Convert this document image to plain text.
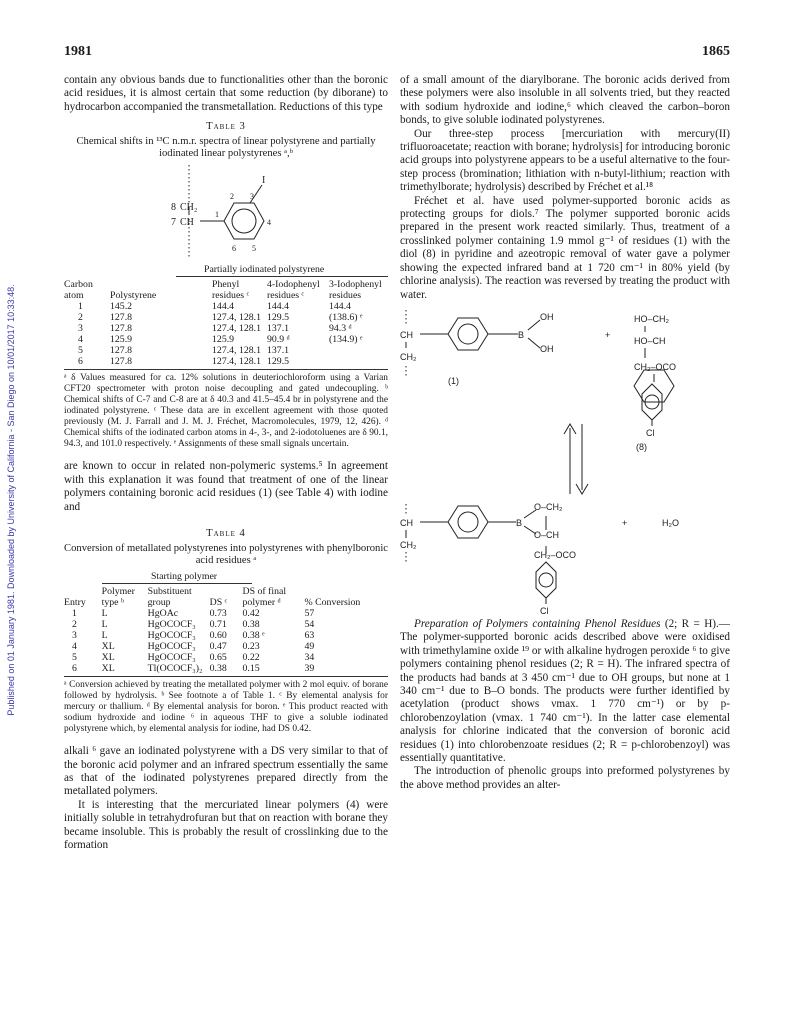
Published on 01 January 1981. Downloaded by University of California - San Diego on 10/01/2017 10:33:48.
1981	1865

contain any obvious bands due to functionalities other than the boronic acid residues, it is almost certain that some reduction (by diborane) to hydrocarbon accompanied the transmetallation. Reductions of this type

Table 3
Chemical shifts in ¹³C n.m.r. spectra of linear polystyrene and partially iodinated linear polystyrenes ᵃ,ᵇ
8 CH₂
7 CH
1
2 3
4
5
6
I
Partially iodinated polystyrene
Carbon atom	Polystyrene	Phenyl residues ᶜ	4-Iodophenyl residues ᶜ	3-Iodophenyl residues
1	145.2	144.4	144.4	144.4
2	127.8	127.4, 128.1	129.5	(138.6) ᵉ
3	127.8	127.4, 128.1	137.1	94.3 ᵈ
4	125.9	125.9	90.9 ᵈ	(134.9) ᵉ
5	127.8	127.4, 128.1	137.1	
6	127.8	127.4, 128.1	129.5	
ᵃ δ Values measured for ca. 12% solutions in deuteriochloroform using a Varian CFT20 spectrometer with proton noise decoupling and gated undecoupling. ᵇ Chemical shifts of C-7 and C-8 are at δ 40.3 and 41.5–45.4 br in polystyrene and the iodinated polystyrene. ᶜ These data are in excellent agreement with those quoted previously (M. J. Farrall and J. M. J. Fréchet, Macromolecules, 1979, 12, 426). ᵈ Chemical shifts of the iodinated carbon atoms in 4-, 3-, and 2-iodotoluenes are δ 90.1, 94.3, and 101.0 respectively. ᵉ Assignments of these small signals uncertain.

are known to occur in related non-polymeric systems.⁵ In agreement with this explanation it was found that treatment of one of the linear polymers containing boronic acid residues (1) (see Table 4) with iodine and

Table 4
Conversion of metallated polystyrenes into polystyrenes with phenylboronic acid residues ᵃ
Starting polymer
Entry	Polymer type ᵇ	Substituent group	DS ᶜ	DS of final polymer ᵈ	% Conversion
1	L	HgOAc	0.73	0.42	57
2	L	HgOCOCF₃	0.71	0.38	54
3	L	HgOCOCF₃	0.60	0.38 ᵉ	63
4	XL	HgOCOCF₃	0.47	0.23	49
5	XL	HgOCOCF₃	0.65	0.22	34
6	XL	Tl(OCOCF₃)₂	0.38	0.15	39
ᵃ Conversion achieved by treating the metallated polymer with 2 mol equiv. of borane followed by hydrolysis. ᵇ See footnote a of Table 1. ᶜ By elemental analysis for mercury or thallium. ᵈ By elemental analysis for boron. ᵉ This product reacted with sodium hydroxide and iodine ⁶ in aqueous THF to give a soluble iodinated polystyrene which, by elemental analysis for iodine, had DS 0.42.

alkali ⁶ gave an iodinated polystyrene with a DS very similar to that of the boronic acid polymer and an infrared spectrum essentially the same as that of the iodinated polystyrenes prepared directly from the metallated polymers.

It is interesting that the mercuriated linear polymers (4) were initially soluble in tetrahydrofuran but that on reaction with borane they became insoluble. This is probably the result of crosslinking due to the formation

of a small amount of the diarylborane. The boronic acids derived from these polymers were also insoluble in all solvents tried, but they reacted with sodium hydroxide and iodine,⁶ which cleaved the carbon–boron bonds, to give soluble iodinated polystyrenes.

Our three-step process [mercuriation with mercury(II) trifluoroacetate; reaction with borane; hydrolysis] for introducing boronic acid groups into polystyrene appears to be a useful alternative to the four-step process (bromination; lithiation with n-butyl-lithium; reaction with trimethylborate; hydrolysis) described by Fréchet et al.¹⁸

Fréchet et al. have used polymer-supported boronic acids as protecting groups for diols.⁷ The polymer supported boronic acids prepared in the present work reacted similarly. Thus, treatment of a crosslinked polymer containing 1.9 mmol g⁻¹ of residues (1) with the diol (8) in pyridine and azeotropic removal of water gave a polymer showing the expected infrared band at 1 720 cm⁻¹ in 80% yield (by chlorine analysis). The reaction was reversed by treating the product with water.

CH
CH₂
B
OH
OH
+
HO–CH₂
HO–CH
CH₂–OCO
Cl
(1)
(8)
CH
CH₂
B
O–CH₂
O–CH
CH₂–OCO
Cl
+	H₂O

Preparation of Polymers containing Phenol Residues (2; R = H).—The polymer-supported boronic acids described above were oxidised with trimethylamine oxide ¹⁹ or with alkaline hydrogen peroxide ⁶ to give polymers containing phenol residues (2; R = H). The infrared spectra of the products had bands at 3 450 cm⁻¹ due to OH groups, but none at 1 340 cm⁻¹ due to B–O bonds. The products were further identified by acetylation (product shows νmax. 1 770 cm⁻¹) or by p-chlorobenzoylation (νmax. 1 740 cm⁻¹). In the latter case elemental analysis for chlorine indicated that the conversion of boronic acid residues (1) into chlorobenzoate residues (2; R = p-chlorobenzoyl) was essentially quantitative.

The introduction of phenolic groups into preformed polystyrenes by the above method provides an alter-
